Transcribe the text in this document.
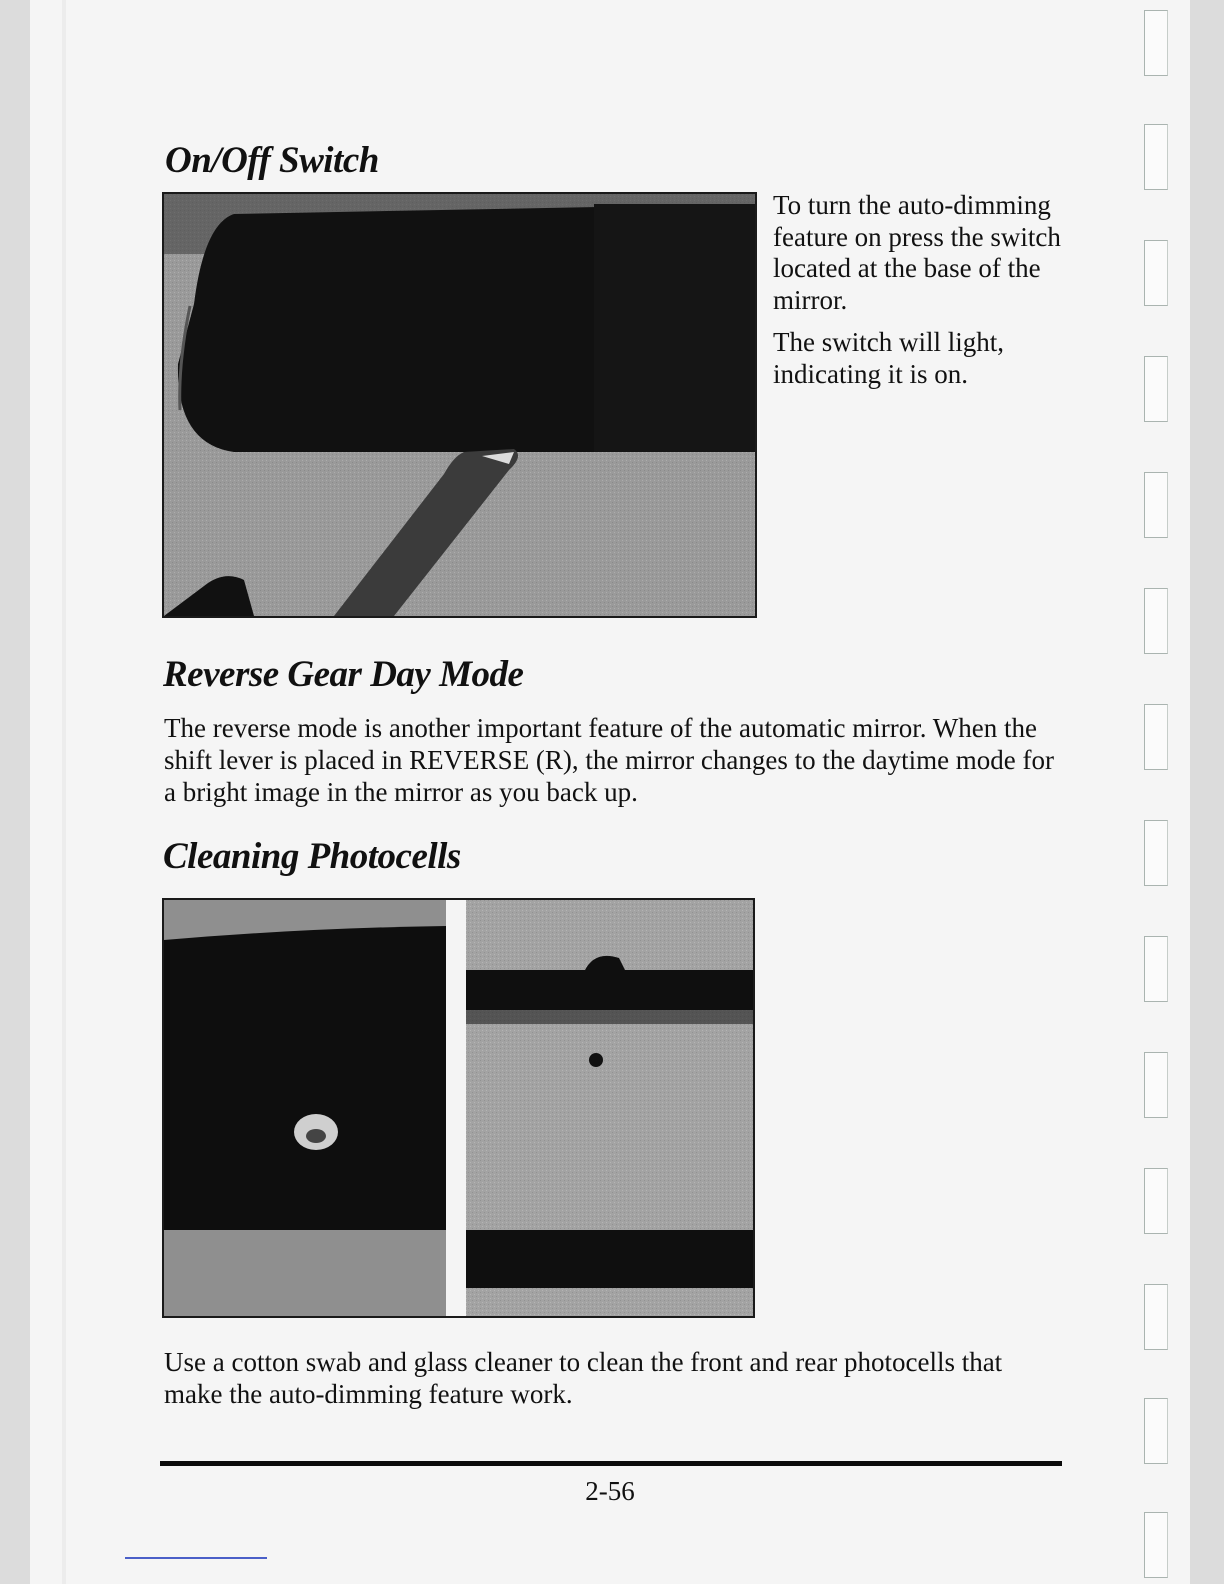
On/Off Switch

To turn the auto-dimming feature on press the switch located at the base of the mirror.

The switch will light, indicating it is on.

Reverse Gear Day Mode

The reverse mode is another important feature of the automatic mirror. When the shift lever is placed in REVERSE (R), the mirror changes to the daytime mode for a bright image in the mirror as you back up.

Cleaning Photocells

Use a cotton swab and glass cleaner to clean the front and rear photocells that make the auto-dimming feature work.

2-56
